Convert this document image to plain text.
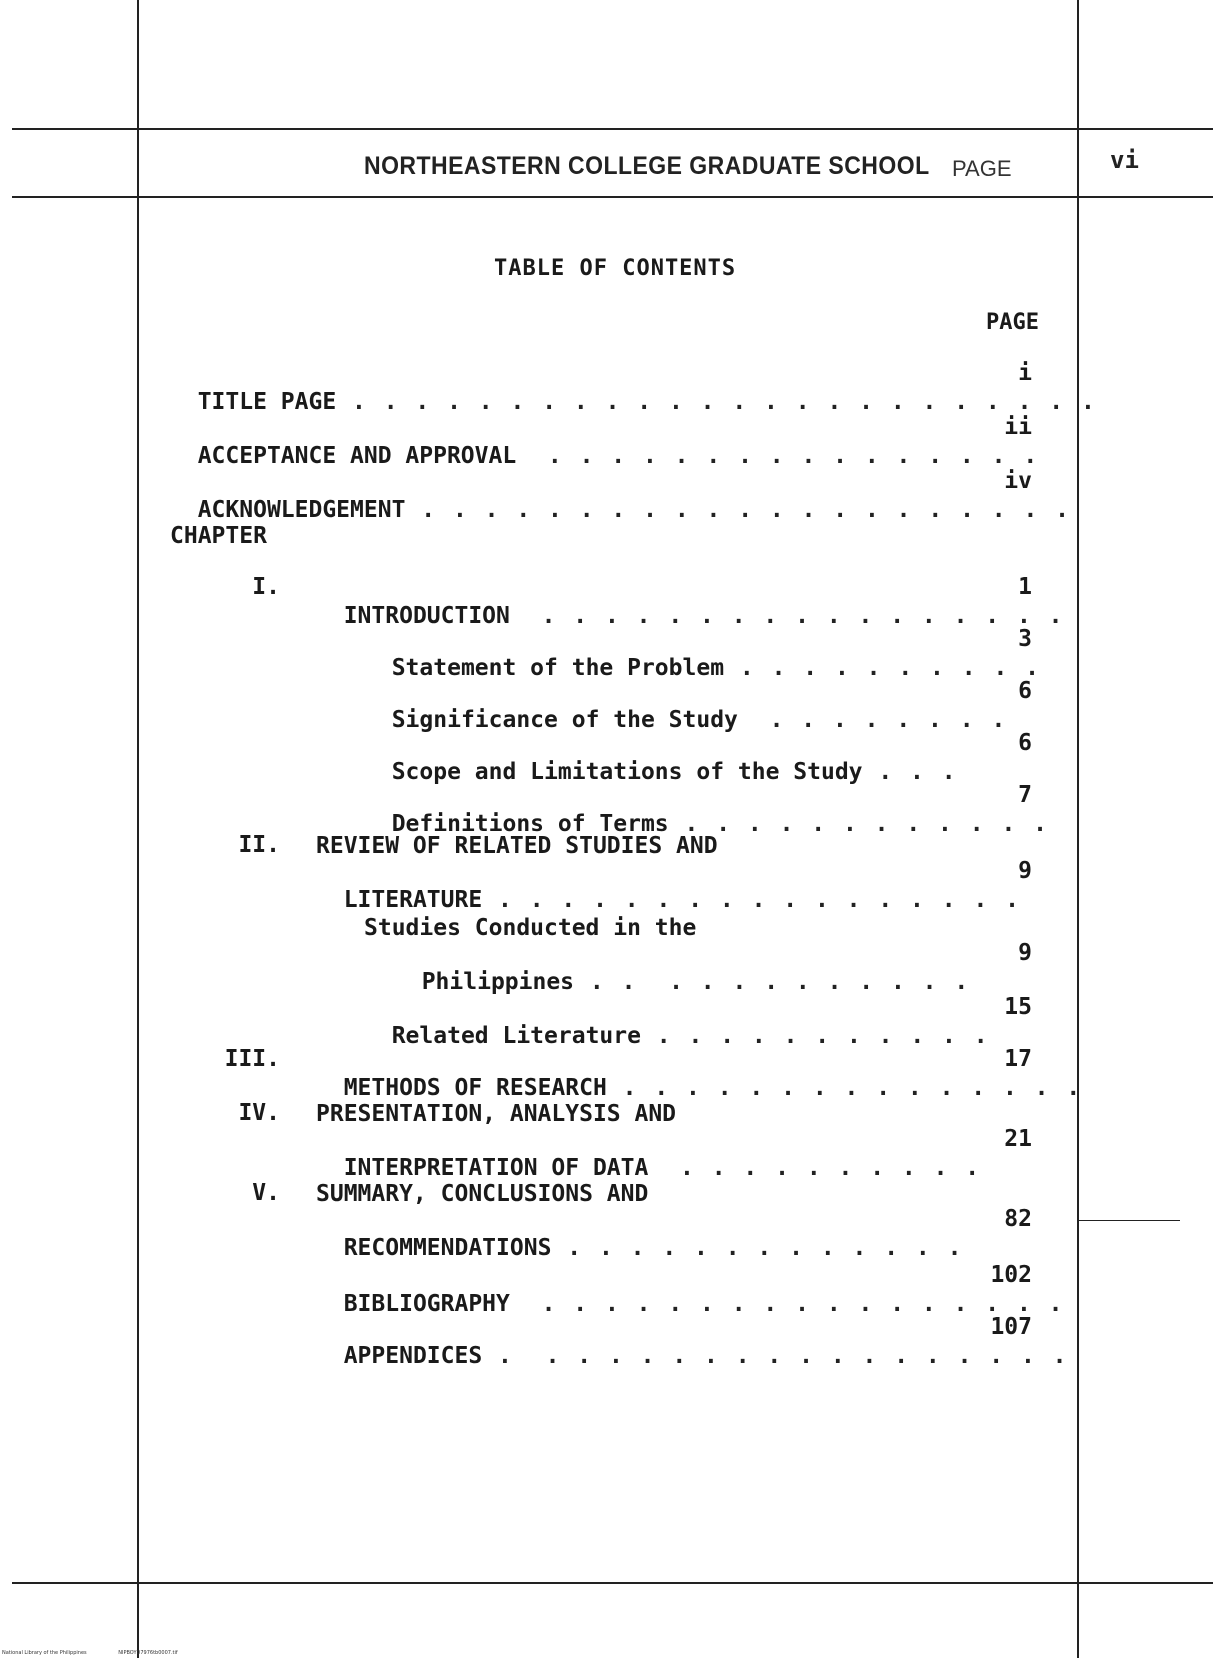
NORTHEASTERN COLLEGE GRADUATE SCHOOL PAGE	vi
TABLE OF CONTENTS
PAGE

TITLE PAGE . . . . . . . . . . . . . . . . . . . . . . . .

i

ACCEPTANCE AND APPROVAL  . . . . . . . . . . . . . . . .

ii

ACKNOWLEDGEMENT . . . . . . . . . . . . . . . . . . . . .

iv
CHAPTER
I.

INTRODUCTION  . . . . . . . . . . . . . . . . .

1

Statement of the Problem . . . . . . . . . .

3

Significance of the Study  . . . . . . . .

6

Scope and Limitations of the Study . . .

6

Definitions of Terms . . . . . . . . . . . .

7
II. REVIEW OF RELATED STUDIES AND

LITERATURE . . . . . . . . . . . . . . . . .

9
Studies Conducted in the

Philippines . .  . . . . . . . . . .

9

Related Literature . . . . . . . . . . .

15
III.

METHODS OF RESEARCH . . . . . . . . . . . . . . .

17
IV. PRESENTATION, ANALYSIS AND

INTERPRETATION OF DATA  . . . . . . . . . .

21
V. SUMMARY, CONCLUSIONS AND

RECOMMENDATIONS . . . . . . . . . . . . .

82

BIBLIOGRAPHY  . . . . . . . . . . . . . . . . .

102

APPENDICES .  . . . . . . . . . . . . . . . . .

107
National Library of the Philippines	NIPBOYD7976tb0007.tif
